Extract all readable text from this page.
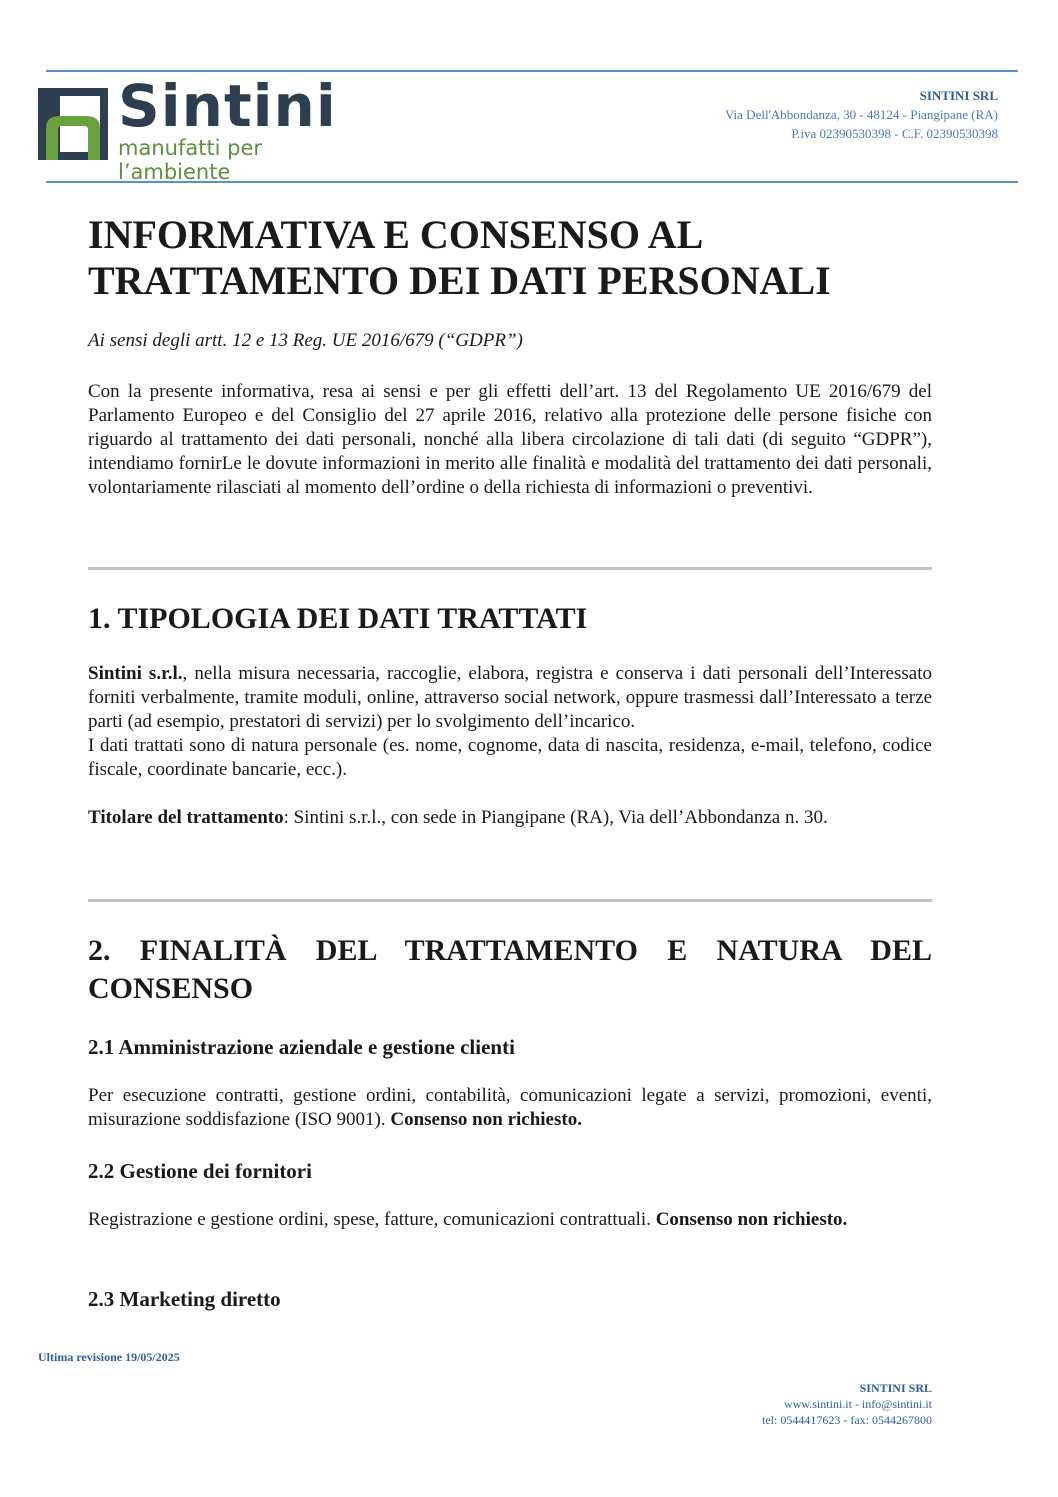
Sintini
manufatti per l’ambiente
SINTINI SRL
Via Dell'Abbondanza, 30 - 48124 - Piangipane (RA)
P.iva 02390530398 - C.F. 02390530398
INFORMATIVA E CONSENSO AL
TRATTAMENTO DEI DATI PERSONALI
Ai sensi degli artt. 12 e 13 Reg. UE 2016/679 (“GDPR”)

Con la presente informativa, resa ai sensi e per gli effetti dell’art. 13 del Regolamento UE 2016/679 del Parlamento Europeo e del Consiglio del 27 aprile 2016, relativo alla protezione delle persone fisiche con riguardo al trattamento dei dati personali, nonché alla libera circolazione di tali dati (di seguito “GDPR”), intendiamo fornirLe le dovute informazioni in merito alle finalità e modalità del trattamento dei dati personali, volontariamente rilasciati al momento dell’ordine o della richiesta di informazioni o preventivi.

1. TIPOLOGIA DEI DATI TRATTATI

Sintini s.r.l., nella misura necessaria, raccoglie, elabora, registra e conserva i dati personali dell’Interessato forniti verbalmente, tramite moduli, online, attraverso social network, oppure trasmessi dall’Interessato a terze parti (ad esempio, prestatori di servizi) per lo svolgimento dell’incarico.

I dati trattati sono di natura personale (es. nome, cognome, data di nascita, residenza, e-mail, telefono, codice fiscale, coordinate bancarie, ecc.).

Titolare del trattamento: Sintini s.r.l., con sede in Piangipane (RA), Via dell’Abbondanza n. 30.

2. FINALITÀ DEL TRATTAMENTO E NATURA DEL CONSENSO
2.1 Amministrazione aziendale e gestione clienti

Per esecuzione contratti, gestione ordini, contabilità, comunicazioni legate a servizi, promozioni, eventi, misurazione soddisfazione (ISO 9001). Consenso non richiesto.

2.2 Gestione dei fornitori

Registrazione e gestione ordini, spese, fatture, comunicazioni contrattuali. Consenso non richiesto.

2.3 Marketing diretto
Ultima revisione 19/05/2025
SINTINI SRL
www.sintini.it - info@sintini.it
tel: 0544417623 - fax: 0544267800
